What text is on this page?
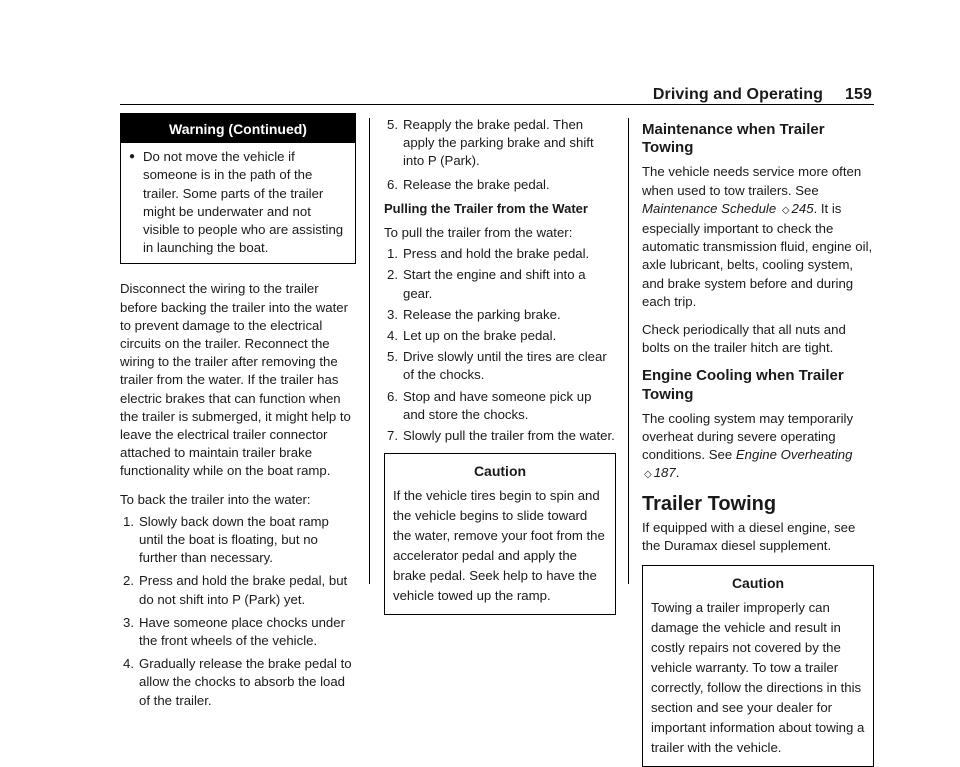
Driving and Operating 159
Warning (Continued)
● Do not move the vehicle if someone is in the path of the trailer. Some parts of the trailer might be underwater and not visible to people who are assisting in launching the boat.

Disconnect the wiring to the trailer before backing the trailer into the water to prevent damage to the electrical circuits on the trailer. Reconnect the wiring to the trailer after removing the trailer from the water. If the trailer has electric brakes that can function when the trailer is submerged, it might help to leave the electrical trailer connector attached to maintain trailer brake functionality while on the boat ramp.

To back the trailer into the water:

1. Slowly back down the boat ramp until the boat is floating, but no further than necessary.
2. Press and hold the brake pedal, but do not shift into P (Park) yet.
3. Have someone place chocks under the front wheels of the vehicle.
4. Gradually release the brake pedal to allow the chocks to absorb the load of the trailer.
5. Reapply the brake pedal. Then apply the parking brake and shift into P (Park).
6. Release the brake pedal.
Pulling the Trailer from the Water

To pull the trailer from the water:

1. Press and hold the brake pedal.
2. Start the engine and shift into a gear.
3. Release the parking brake.
4. Let up on the brake pedal.
5. Drive slowly until the tires are clear of the chocks.
6. Stop and have someone pick up and store the chocks.
7. Slowly pull the trailer from the water.
Caution
If the vehicle tires begin to spin and the vehicle begins to slide toward the water, remove your foot from the accelerator pedal and apply the brake pedal. Seek help to have the vehicle towed up the ramp.
Maintenance when Trailer Towing

The vehicle needs service more often when used to tow trailers. See Maintenance Schedule ◇ 245. It is especially important to check the automatic transmission fluid, engine oil, axle lubricant, belts, cooling system, and brake system before and during each trip.

Check periodically that all nuts and bolts on the trailer hitch are tight.

Engine Cooling when Trailer Towing

The cooling system may temporarily overheat during severe operating conditions. See Engine Overheating ◇ 187.

Trailer Towing

If equipped with a diesel engine, see the Duramax diesel supplement.

Caution
Towing a trailer improperly can damage the vehicle and result in costly repairs not covered by the vehicle warranty. To tow a trailer correctly, follow the directions in this section and see your dealer for important information about towing a trailer with the vehicle.
